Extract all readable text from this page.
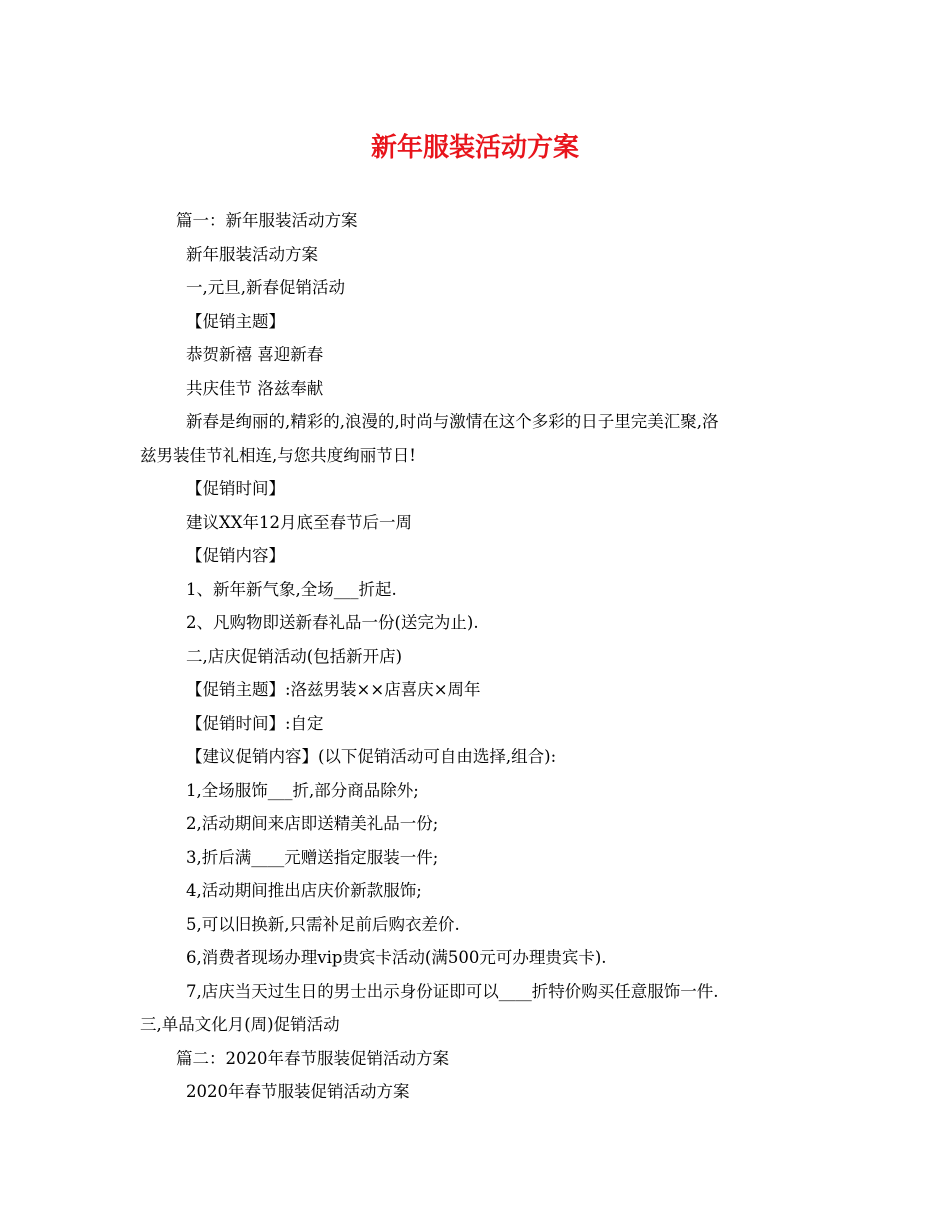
新年服装活动方案

篇一：新年服装活动方案

新年服装活动方案

一,元旦,新春促销活动

【促销主题】

恭贺新禧 喜迎新春

共庆佳节 洛兹奉献

新春是绚丽的,精彩的,浪漫的,时尚与激情在这个多彩的日子里完美汇聚,洛

兹男装佳节礼相连,与您共度绚丽节日!

【促销时间】

建议XX年12月底至春节后一周

【促销内容】

1、新年新气象,全场___折起.

2、凡购物即送新春礼品一份(送完为止).

二,店庆促销活动(包括新开店)

【促销主题】:洛兹男装××店喜庆×周年

【促销时间】:自定

【建议促销内容】(以下促销活动可自由选择,组合):

1,全场服饰___折,部分商品除外;

2,活动期间来店即送精美礼品一份;

3,折后满____元赠送指定服装一件;

4,活动期间推出店庆价新款服饰;

5,可以旧换新,只需补足前后购衣差价.

6,消费者现场办理vip贵宾卡活动(满500元可办理贵宾卡).

7,店庆当天过生日的男士出示身份证即可以____折特价购买任意服饰一件.

三,单品文化月(周)促销活动

篇二：2020年春节服装促销活动方案

2020年春节服装促销活动方案
